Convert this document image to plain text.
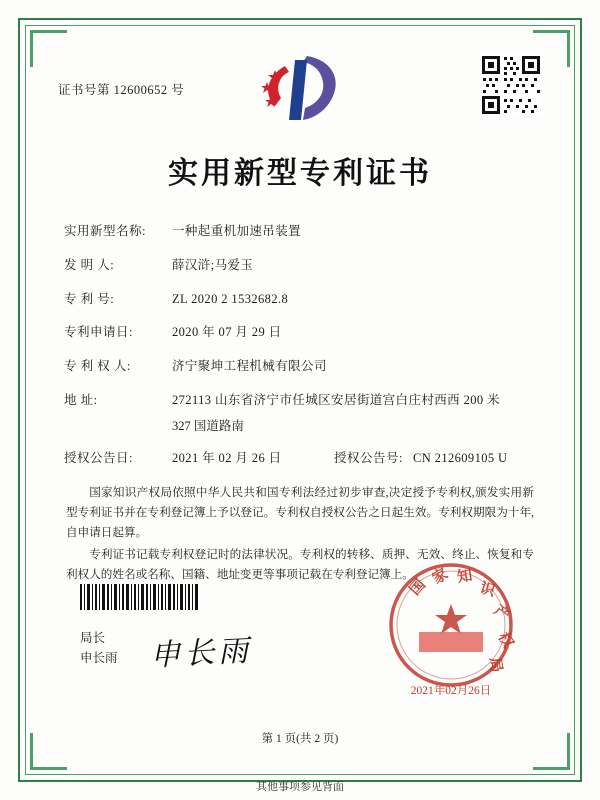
证书号第 12600652 号
实用新型专利证书
实用新型名称:	一种起重机加速吊装置
发 明 人:	薛汉浒;马爱玉
专 利 号:	ZL 2020 2 1532682.8
专利申请日:	2020 年 07 月 29 日
专 利 权 人:	济宁聚坤工程机械有限公司
地 址:	272113 山东省济宁市任城区安居街道宫白庄村西西 200 米
327 国道路南
授权公告日:	2021 年 02 月 26 日	授权公告号: CN 212609105 U

国家知识产权局依照中华人民共和国专利法经过初步审查,决定授予专利权,颁发实用新型专利证书并在专利登记簿上予以登记。专利权自授权公告之日起生效。专利权期限为十年,自申请日起算。

专利证书记载专利权登记时的法律状况。专利权的转移、质押、无效、终止、恢复和专利权人的姓名或名称、国籍、地址变更等事项记载在专利登记簿上。

局长
申长雨 申长雨
国
家 知
识
产
权
局
2021年02月26日
第 1 页(共 2 页)
其他事项参见背面
